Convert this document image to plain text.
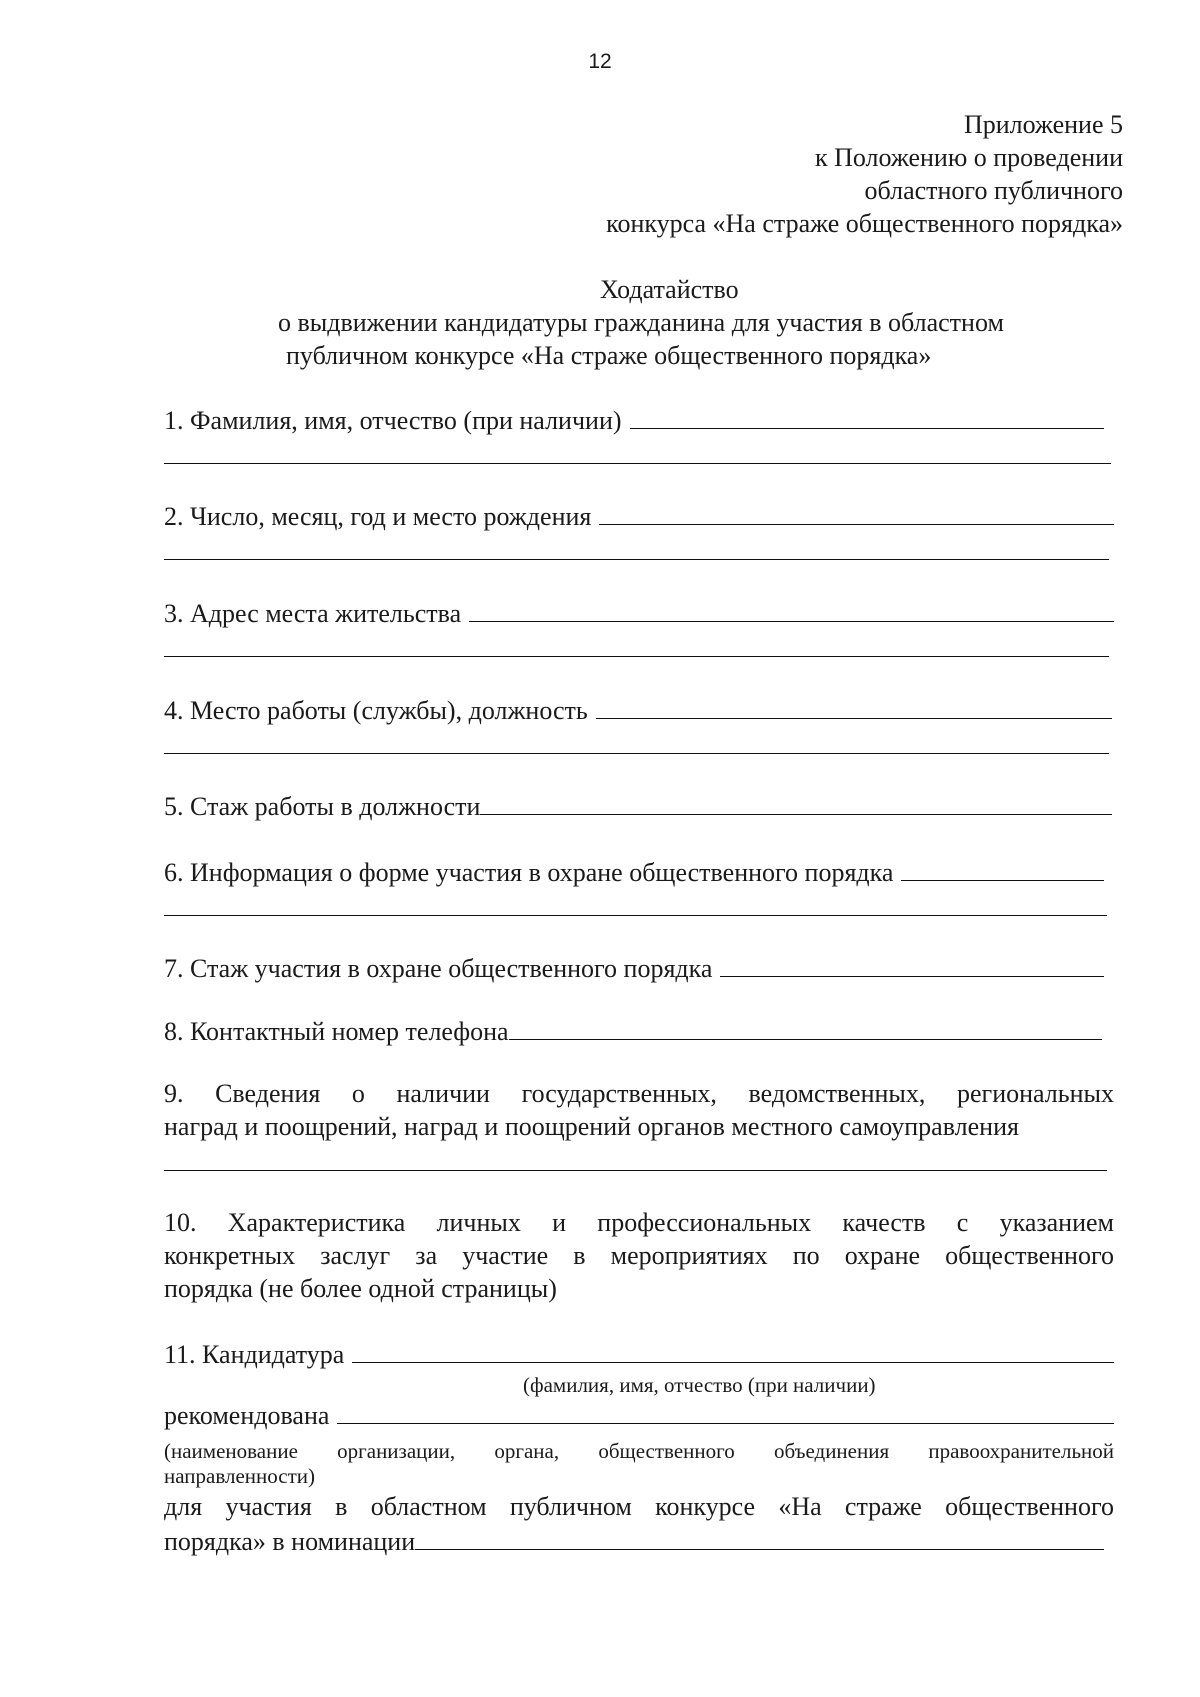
12
Приложение 5
к Положению о проведении
областного публичного
конкурса «На страже общественного порядка»
Ходатайство
о выдвижении кандидатуры гражданина для участия в областном
публичном конкурсе «На страже общественного порядка»
1. Фамилия, имя, отчество (при наличии)
2. Число, месяц, год и место рождения
3. Адрес места жительства
4. Место работы (службы), должность
5. Стаж работы в должности
6. Информация о форме участия в охране общественного порядка
7. Стаж участия в охране общественного порядка
8. Контактный номер телефона
9. Сведения о наличии государственных, ведомственных, региональных
наград и поощрений, наград и поощрений органов местного самоуправления
10. Характеристика личных и профессиональных качеств с указанием
конкретных заслуг за участие в мероприятиях по охране общественного
порядка (не более одной страницы)
11. Кандидатура
(фамилия, имя, отчество (при наличии)
рекомендована
(наименование организации, органа, общественного объединения правоохранительной
направленности)
для участия в областном публичном конкурсе «На страже общественного
порядка» в номинации
